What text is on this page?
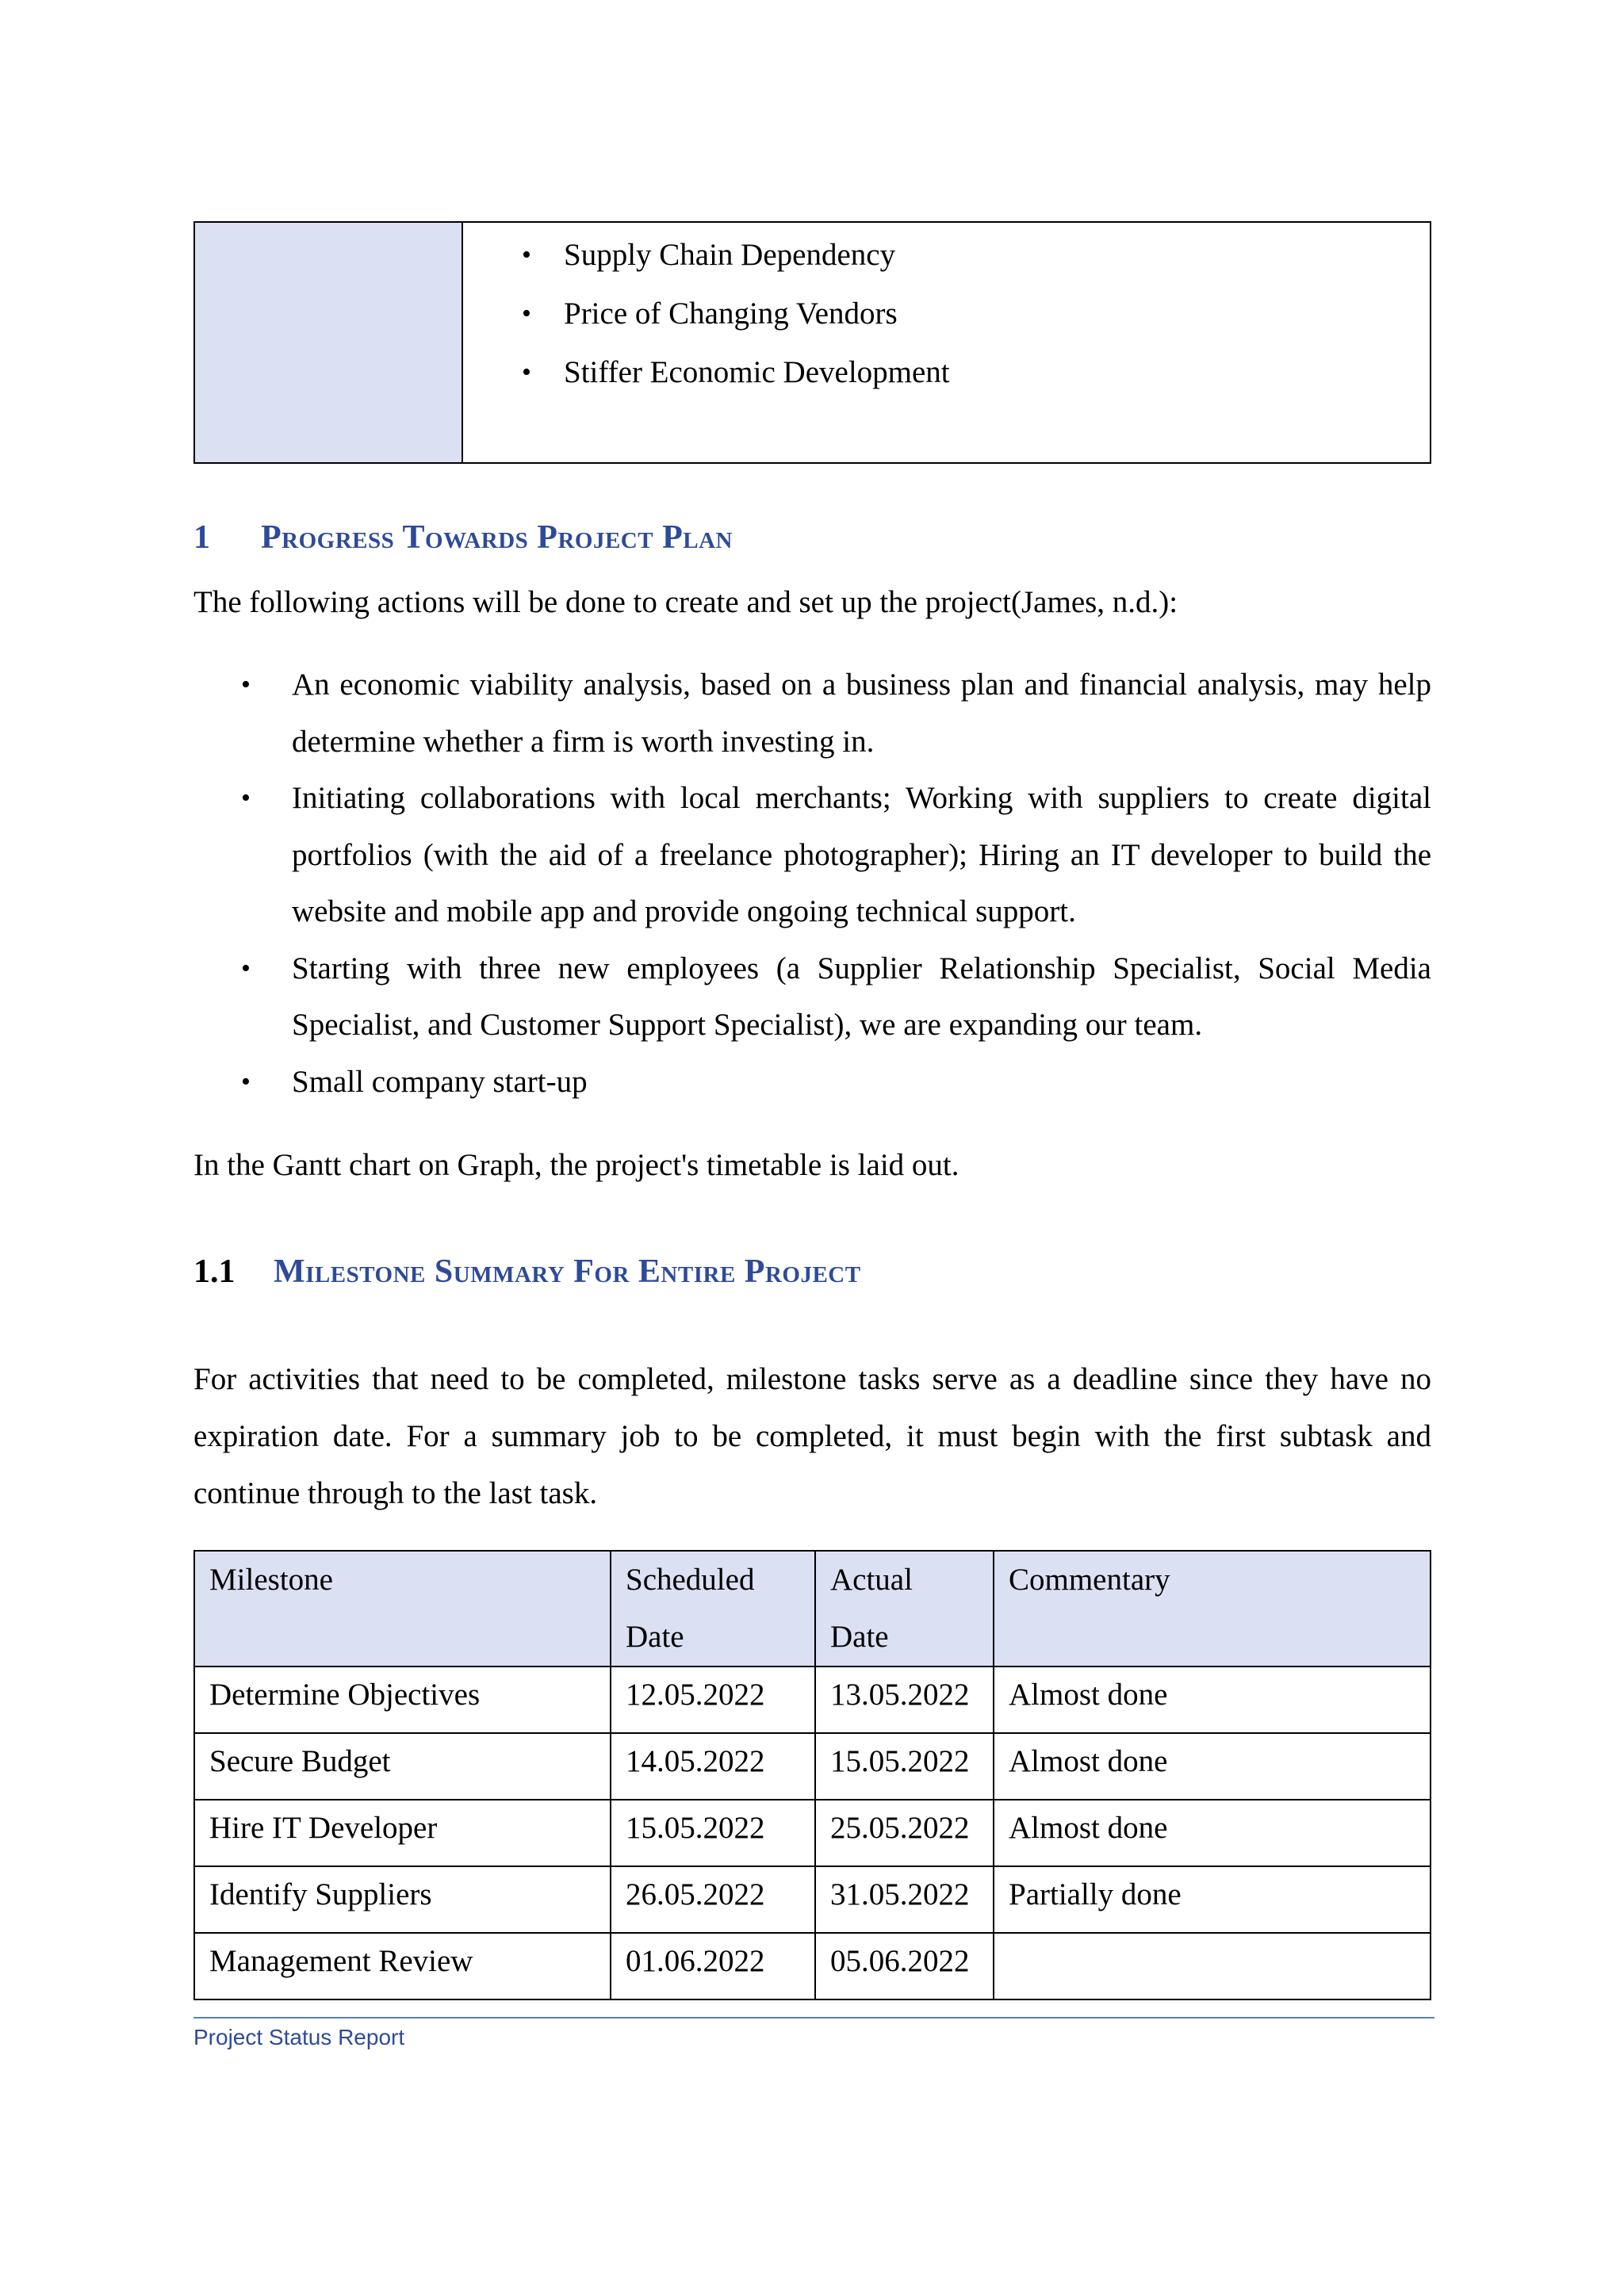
• Supply Chain Dependency
• Price of Changing Vendors
• Stiffer Economic Development
1	Progress Towards Project Plan
The following actions will be done to create and set up the project(James, n.d.):
• An economic viability analysis, based on a business plan and financial analysis, may help determine whether a firm is worth investing in.
• Initiating collaborations with local merchants; Working with suppliers to create digital portfolios (with the aid of a freelance photographer); Hiring an IT developer to build the website and mobile app and provide ongoing technical support.
• Starting with three new employees (a Supplier Relationship Specialist, Social Media Specialist, and Customer Support Specialist), we are expanding our team.
• Small company start-up
In the Gantt chart on Graph, the project's timetable is laid out.
1.1	Milestone Summary For Entire Project
For activities that need to be completed, milestone tasks serve as a deadline since they have no expiration date. For a summary job to be completed, it must begin with the first subtask and continue through to the last task.
Milestone	Scheduled Date	Actual Date	Commentary
Determine Objectives	12.05.2022	13.05.2022	Almost done
Secure Budget	14.05.2022	15.05.2022	Almost done
Hire IT Developer	15.05.2022	25.05.2022	Almost done
Identify Suppliers	26.05.2022	31.05.2022	Partially done
Management Review	01.06.2022	05.06.2022	
Project Status Report
